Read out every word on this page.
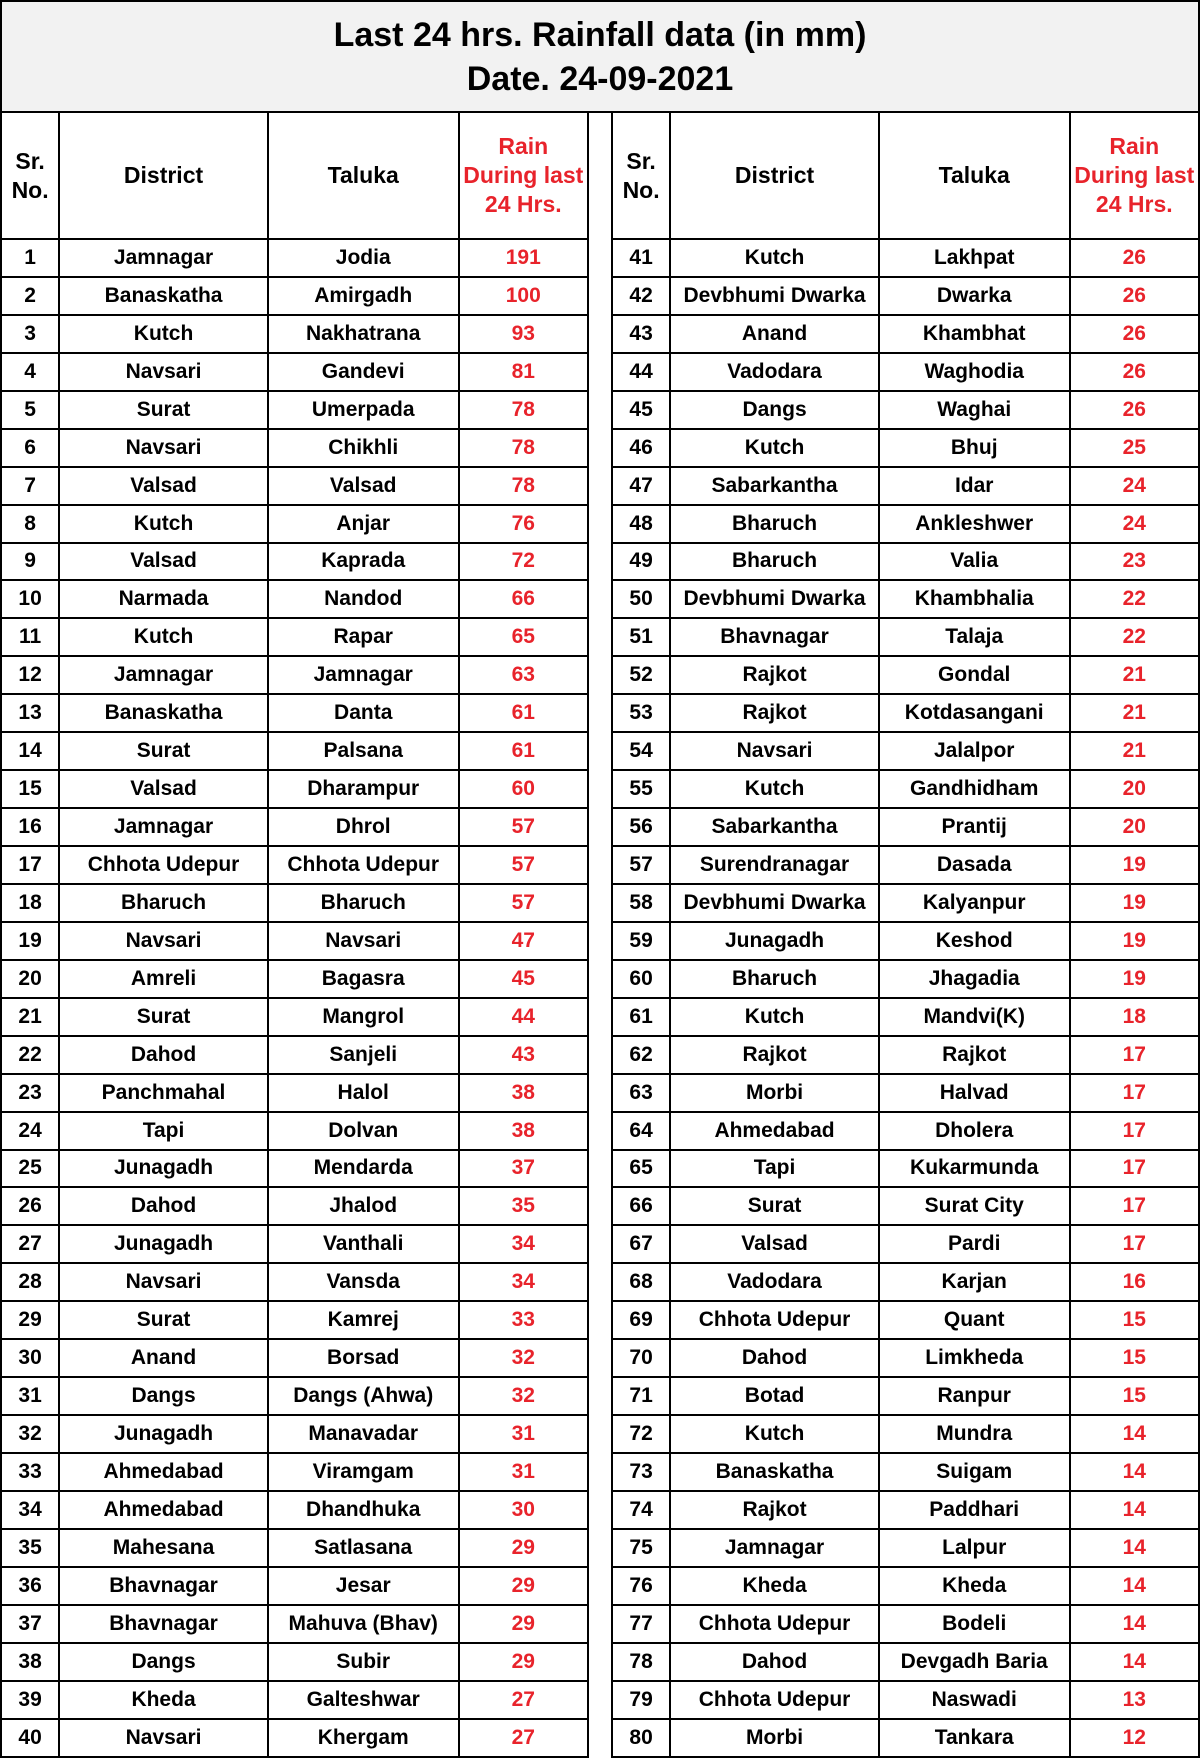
Last 24 hrs. Rainfall data (in mm)
Date. 24-09-2021
Sr. No.	District	Taluka	Rain During last 24 Hrs.
1	Jamnagar	Jodia	191
2	Banaskatha	Amirgadh	100
3	Kutch	Nakhatrana	93
4	Navsari	Gandevi	81
5	Surat	Umerpada	78
6	Navsari	Chikhli	78
7	Valsad	Valsad	78
8	Kutch	Anjar	76
9	Valsad	Kaprada	72
10	Narmada	Nandod	66
11	Kutch	Rapar	65
12	Jamnagar	Jamnagar	63
13	Banaskatha	Danta	61
14	Surat	Palsana	61
15	Valsad	Dharampur	60
16	Jamnagar	Dhrol	57
17	Chhota Udepur	Chhota Udepur	57
18	Bharuch	Bharuch	57
19	Navsari	Navsari	47
20	Amreli	Bagasra	45
21	Surat	Mangrol	44
22	Dahod	Sanjeli	43
23	Panchmahal	Halol	38
24	Tapi	Dolvan	38
25	Junagadh	Mendarda	37
26	Dahod	Jhalod	35
27	Junagadh	Vanthali	34
28	Navsari	Vansda	34
29	Surat	Kamrej	33
30	Anand	Borsad	32
31	Dangs	Dangs (Ahwa)	32
32	Junagadh	Manavadar	31
33	Ahmedabad	Viramgam	31
34	Ahmedabad	Dhandhuka	30
35	Mahesana	Satlasana	29
36	Bhavnagar	Jesar	29
37	Bhavnagar	Mahuva (Bhav)	29
38	Dangs	Subir	29
39	Kheda	Galteshwar	27
40	Navsari	Khergam	27
Sr. No.	District	Taluka	Rain During last 24 Hrs.
41	Kutch	Lakhpat	26
42	Devbhumi Dwarka	Dwarka	26
43	Anand	Khambhat	26
44	Vadodara	Waghodia	26
45	Dangs	Waghai	26
46	Kutch	Bhuj	25
47	Sabarkantha	Idar	24
48	Bharuch	Ankleshwer	24
49	Bharuch	Valia	23
50	Devbhumi Dwarka	Khambhalia	22
51	Bhavnagar	Talaja	22
52	Rajkot	Gondal	21
53	Rajkot	Kotdasangani	21
54	Navsari	Jalalpor	21
55	Kutch	Gandhidham	20
56	Sabarkantha	Prantij	20
57	Surendranagar	Dasada	19
58	Devbhumi Dwarka	Kalyanpur	19
59	Junagadh	Keshod	19
60	Bharuch	Jhagadia	19
61	Kutch	Mandvi(K)	18
62	Rajkot	Rajkot	17
63	Morbi	Halvad	17
64	Ahmedabad	Dholera	17
65	Tapi	Kukarmunda	17
66	Surat	Surat City	17
67	Valsad	Pardi	17
68	Vadodara	Karjan	16
69	Chhota Udepur	Quant	15
70	Dahod	Limkheda	15
71	Botad	Ranpur	15
72	Kutch	Mundra	14
73	Banaskatha	Suigam	14
74	Rajkot	Paddhari	14
75	Jamnagar	Lalpur	14
76	Kheda	Kheda	14
77	Chhota Udepur	Bodeli	14
78	Dahod	Devgadh Baria	14
79	Chhota Udepur	Naswadi	13
80	Morbi	Tankara	12
